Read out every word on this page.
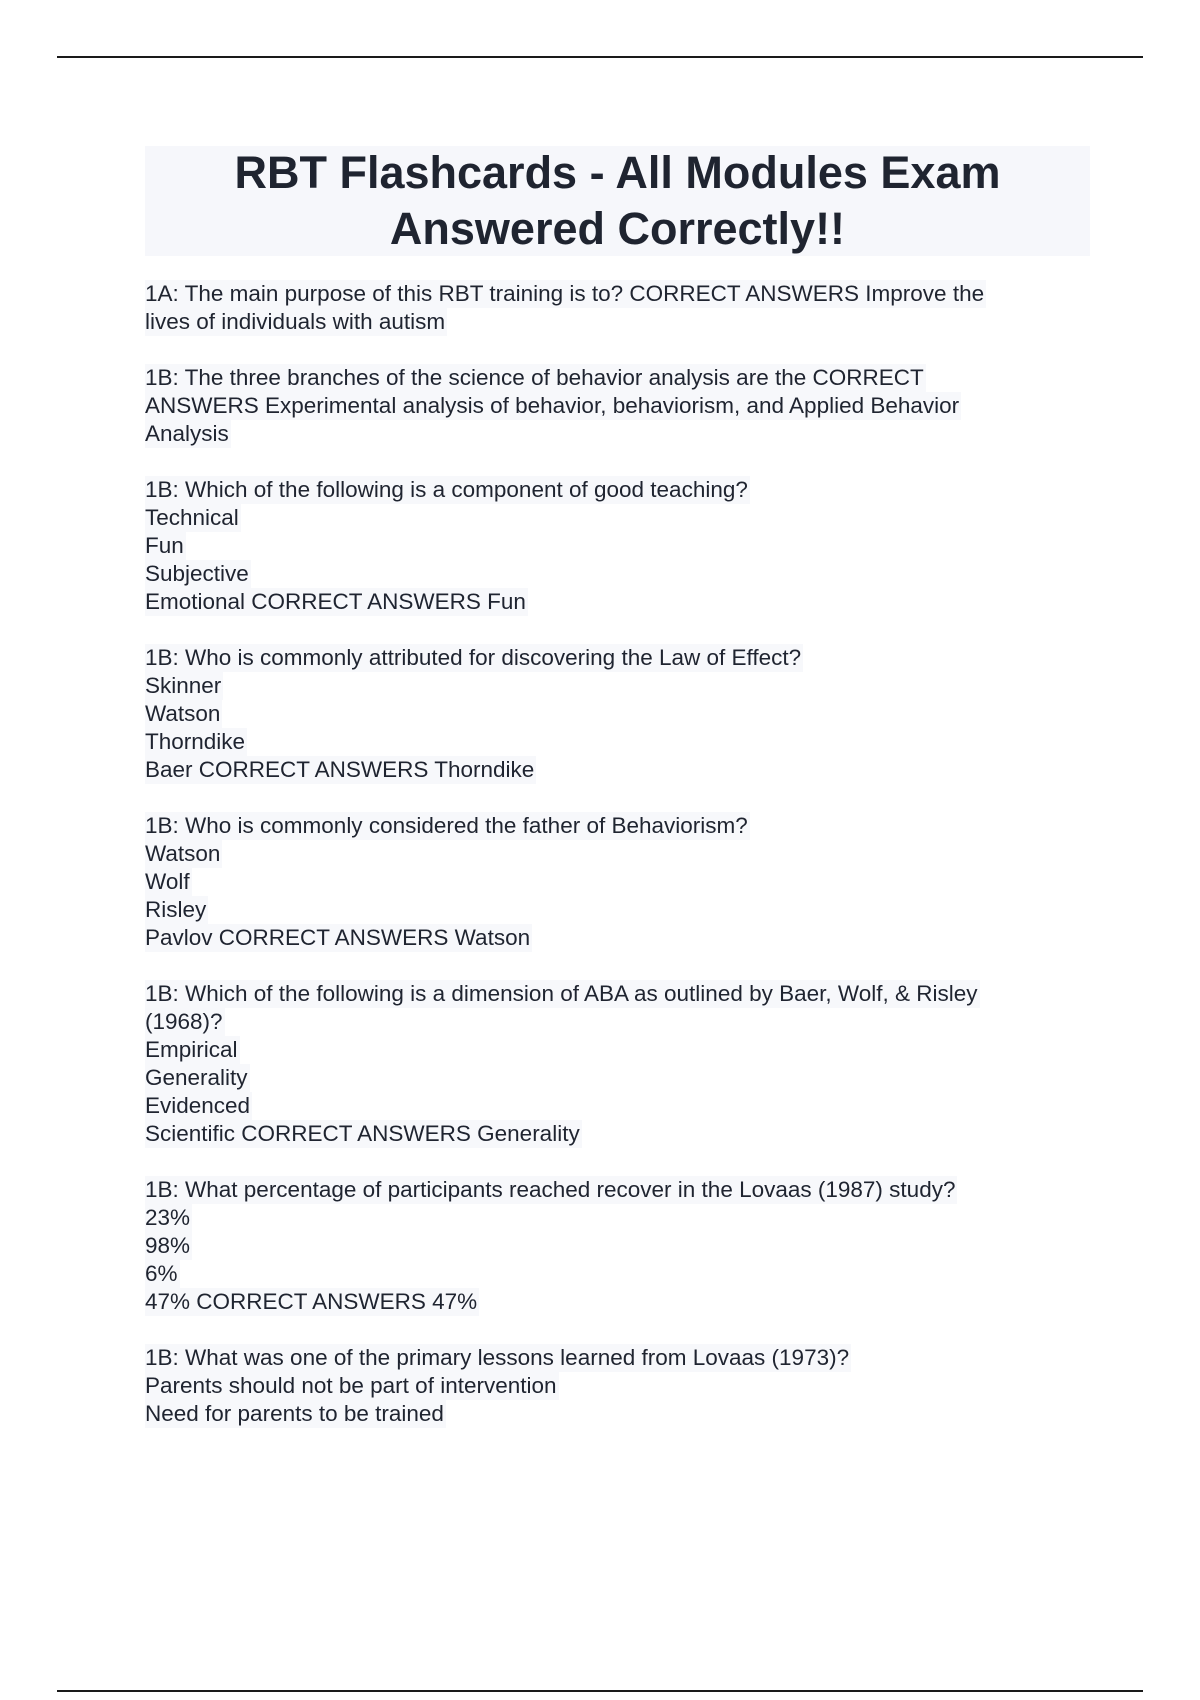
RBT Flashcards - All Modules Exam
Answered Correctly!!
1A: The main purpose of this RBT training is to? CORRECT ANSWERS Improve the
lives of individuals with autism
1B: The three branches of the science of behavior analysis are the CORRECT
ANSWERS Experimental analysis of behavior, behaviorism, and Applied Behavior
Analysis
1B: Which of the following is a component of good teaching?
Technical
Fun
Subjective
Emotional CORRECT ANSWERS Fun
1B: Who is commonly attributed for discovering the Law of Effect?
Skinner
Watson
Thorndike
Baer CORRECT ANSWERS Thorndike
1B: Who is commonly considered the father of Behaviorism?
Watson
Wolf
Risley
Pavlov CORRECT ANSWERS Watson
1B: Which of the following is a dimension of ABA as outlined by Baer, Wolf, & Risley
(1968)?
Empirical
Generality
Evidenced
Scientific CORRECT ANSWERS Generality
1B: What percentage of participants reached recover in the Lovaas (1987) study?
23%
98%
6%
47% CORRECT ANSWERS 47%
1B: What was one of the primary lessons learned from Lovaas (1973)?
Parents should not be part of intervention
Need for parents to be trained
